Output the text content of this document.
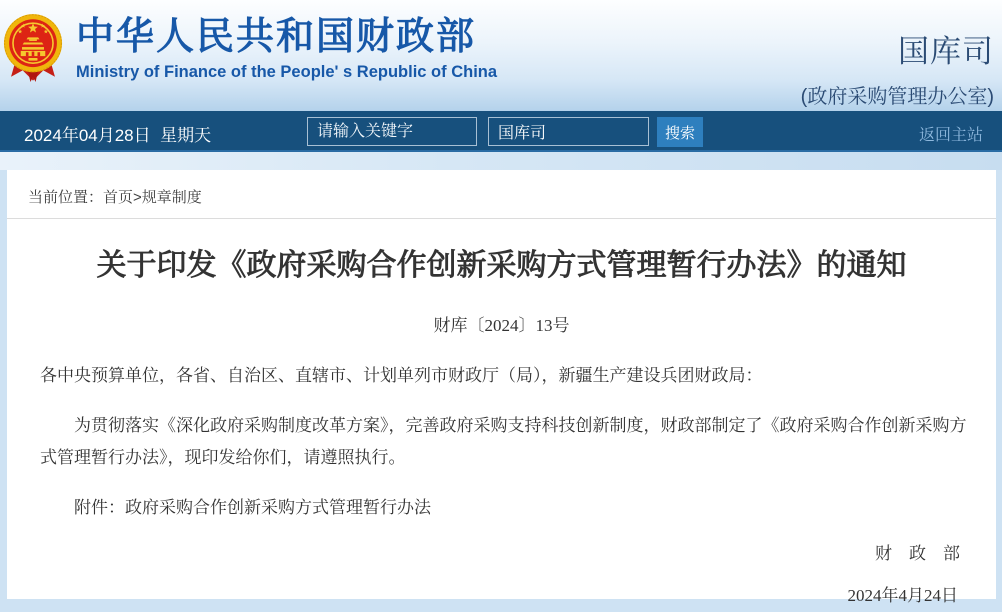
中华人民共和国财政部
Ministry of Finance of the People' s Republic of China
国库司
(政府采购管理办公室)
2024年04月28日  星期天
请输入关键字
国库司	搜索	返回主站
当前位置：首页>规章制度
关于印发《政府采购合作创新采购方式管理暂行办法》的通知
财库〔2024〕13号

各中央预算单位，各省、自治区、直辖市、计划单列市财政厅（局），新疆生产建设兵团财政局：

为贯彻落实《深化政府采购制度改革方案》，完善政府采购支持科技创新制度，财政部制定了《政府采购合作创新采购方式管理暂行办法》，现印发给你们，请遵照执行。

附件：政府采购合作创新采购方式管理暂行办法

财　政　部

2024年4月24日
